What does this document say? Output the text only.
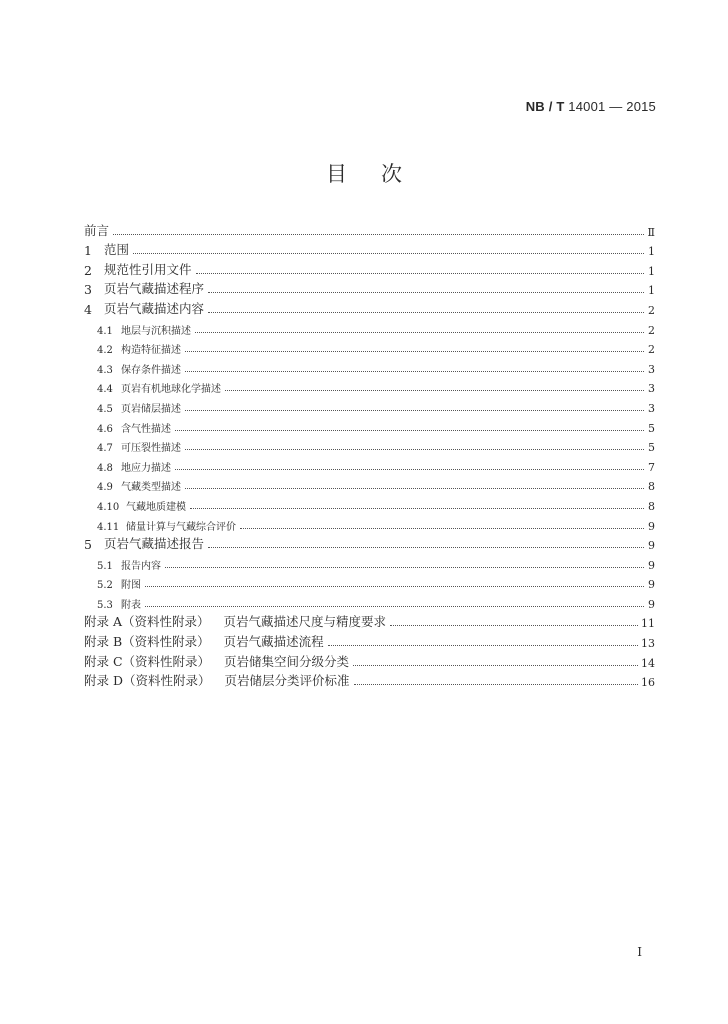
NB / T 14001 — 2015
目次
前言	Ⅱ
1 范围	1
2 规范性引用文件	1
3 页岩气藏描述程序	1
4 页岩气藏描述内容	2
4.1 地层与沉积描述	2
4.2 构造特征描述	2
4.3 保存条件描述	3
4.4 页岩有机地球化学描述	3
4.5 页岩储层描述	3
4.6 含气性描述	5
4.7 可压裂性描述	5
4.8 地应力描述	7
4.9 气藏类型描述	8
4.10 气藏地质建模	8
4.11 储量计算与气藏综合评价	9
5 页岩气藏描述报告	9
5.1 报告内容	9
5.2 附图	9
5.3 附表	9
附录 A（资料性附录）	页岩气藏描述尺度与精度要求	11
附录 B（资料性附录）	页岩气藏描述流程	13
附录 C（资料性附录）	页岩储集空间分级分类	14
附录 D（资料性附录）	页岩储层分类评价标准	16
I
